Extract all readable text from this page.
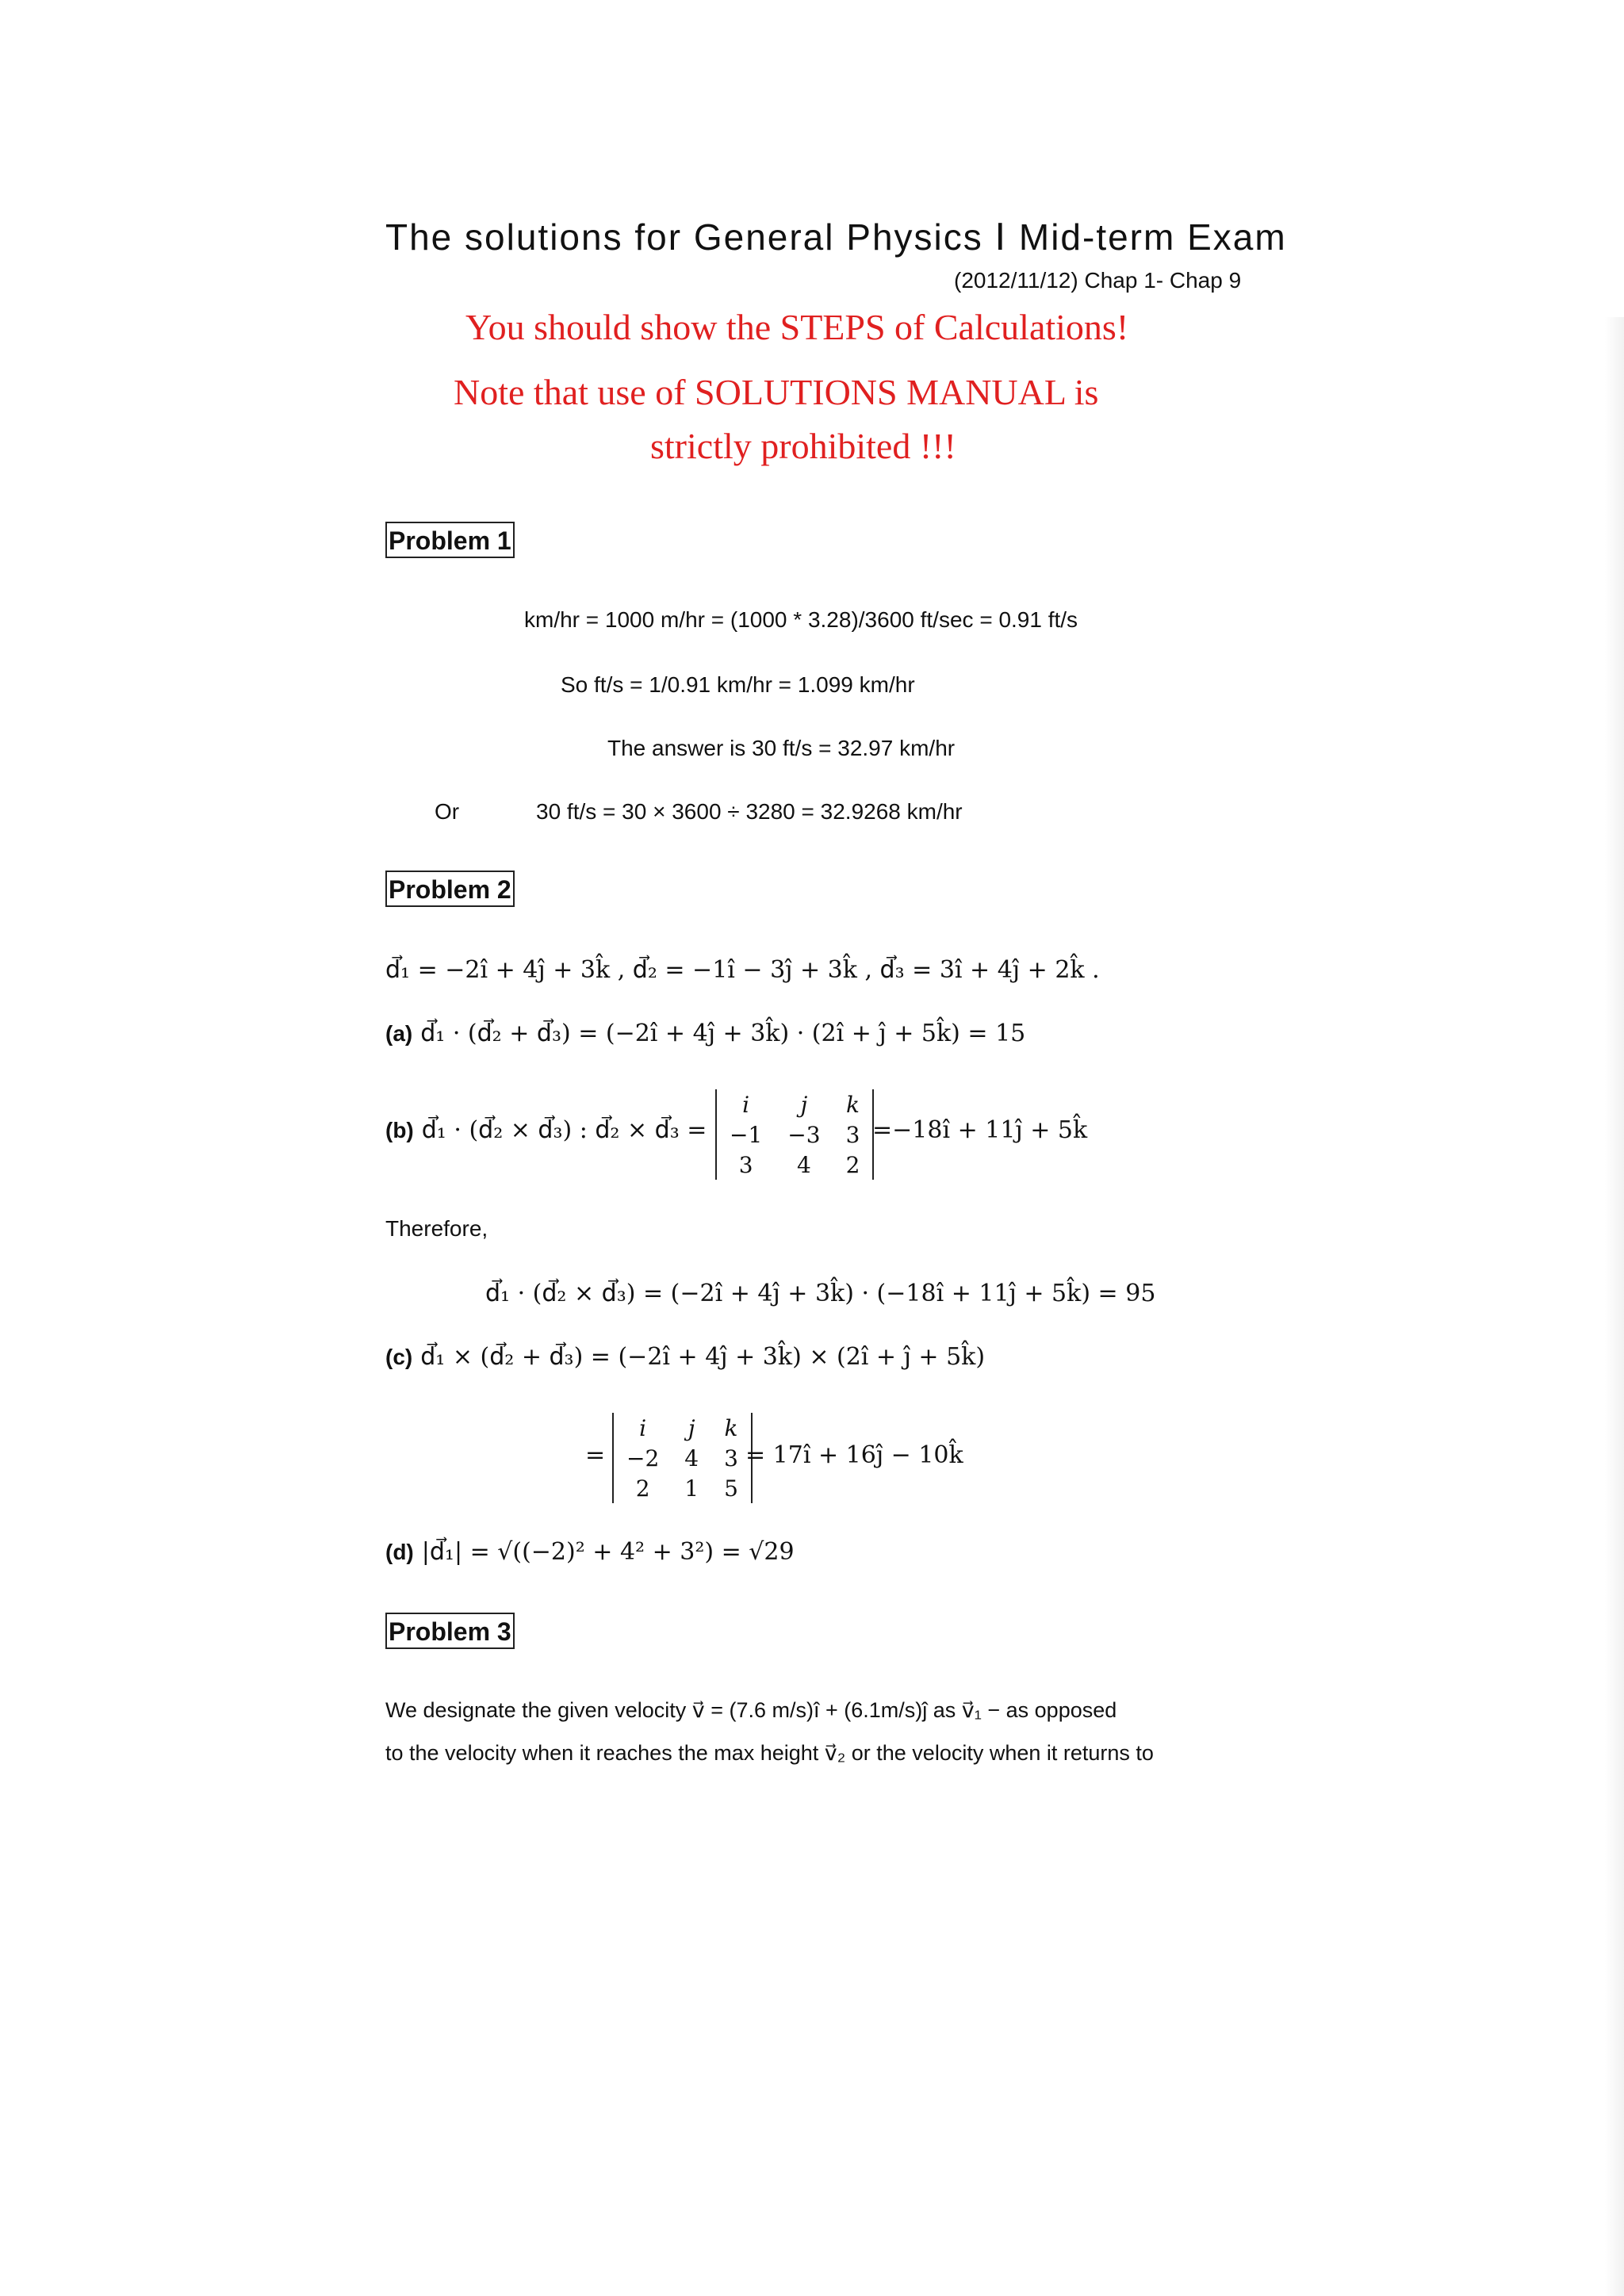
The solutions for General Physics Ⅰ Mid-term Exam
(2012/11/12) Chap 1- Chap 9
You should show the STEPS of Calculations!
Note that use of SOLUTIONS MANUAL is
strictly prohibited !!!
Problem 1
km/hr = 1000 m/hr = (1000 * 3.28)/3600 ft/sec = 0.91 ft/s
So ft/s = 1/0.91 km/hr = 1.099 km/hr
The answer is 30 ft/s = 32.97 km/hr
Or	30 ft/s = 30 × 3600 ÷ 3280 = 32.9268 km/hr
Problem 2
d⃗₁ = −2î + 4ĵ + 3k̂ , d⃗₂ = −1î − 3ĵ + 3k̂ , d⃗₃ = 3î + 4ĵ + 2k̂ .
(a) d⃗₁ · (d⃗₂ + d⃗₃) = (−2î + 4ĵ + 3k̂) · (2î + ĵ + 5k̂) = 15
(b) d⃗₁ · (d⃗₂ × d⃗₃) : d⃗₂ × d⃗₃ =
i	j	k
−1	−3	3
3	4	2
=−18î + 11ĵ + 5k̂
Therefore,
d⃗₁ · (d⃗₂ × d⃗₃) = (−2î + 4ĵ + 3k̂) · (−18î + 11ĵ + 5k̂) = 95
(c) d⃗₁ × (d⃗₂ + d⃗₃) = (−2î + 4ĵ + 3k̂) × (2î + ĵ + 5k̂)
=
i	j	k
−2	4	3
2	1	5
= 17î + 16ĵ − 10k̂
(d) |d⃗₁| = √((−2)² + 4² + 3²) = √29
Problem 3
We designate the given velocity v⃗ = (7.6 m/s)î + (6.1m/s)ĵ as v⃗₁ − as opposed
to the velocity when it reaches the max height v⃗₂ or the velocity when it returns to
